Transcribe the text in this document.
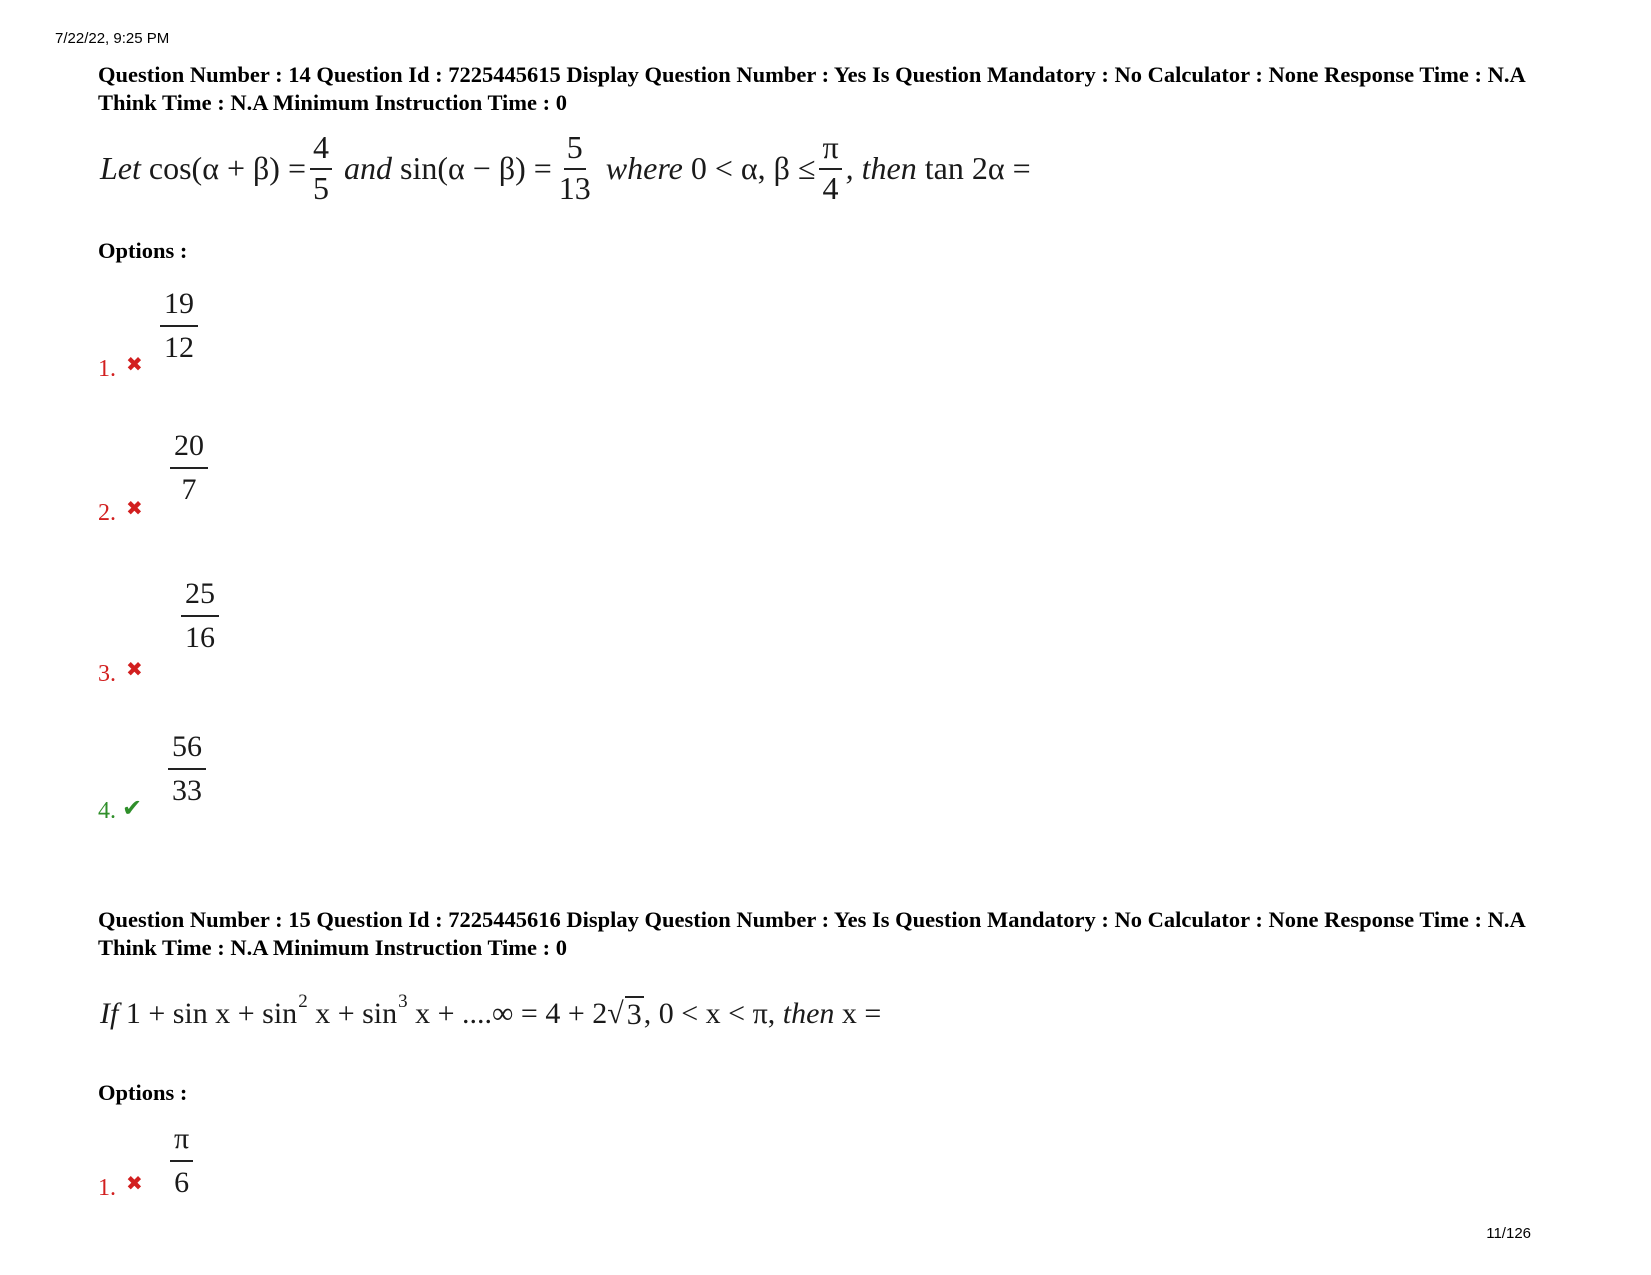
7/22/22, 9:25 PM
11/126
Question Number : 14 Question Id : 7225445615 Display Question Number : Yes Is Question Mandatory : No Calculator : None Response Time : N.A Think Time : N.A Minimum Instruction Time : 0
Let
$\cos(\alpha + \beta) = \frac{4}{5}$
and
$\sin(\alpha - \beta) = \frac{5}{13}$
where
0 < α, $\beta \le \frac{\pi}{4}$ , then
tan 2α =
Options :
1. ✖
$\frac{19}{12}$
2. ✖
$\frac{20}{7}$
3. ✖
$\frac{25}{16}$
4. ✔
$\frac{56}{33}$
Question Number : 15 Question Id : 7225445616 Display Question Number : Yes Is Question Mandatory : No Calculator : None Response Time : N.A Think Time : N.A Minimum Instruction Time : 0
If
1 + sin x + sin 2
x + sin 3
x + ....∞ = 4 + 2 √ 3 , 0 < x < π,
then
x =
Options :
1. ✖ $\frac{\pi}{6}$
